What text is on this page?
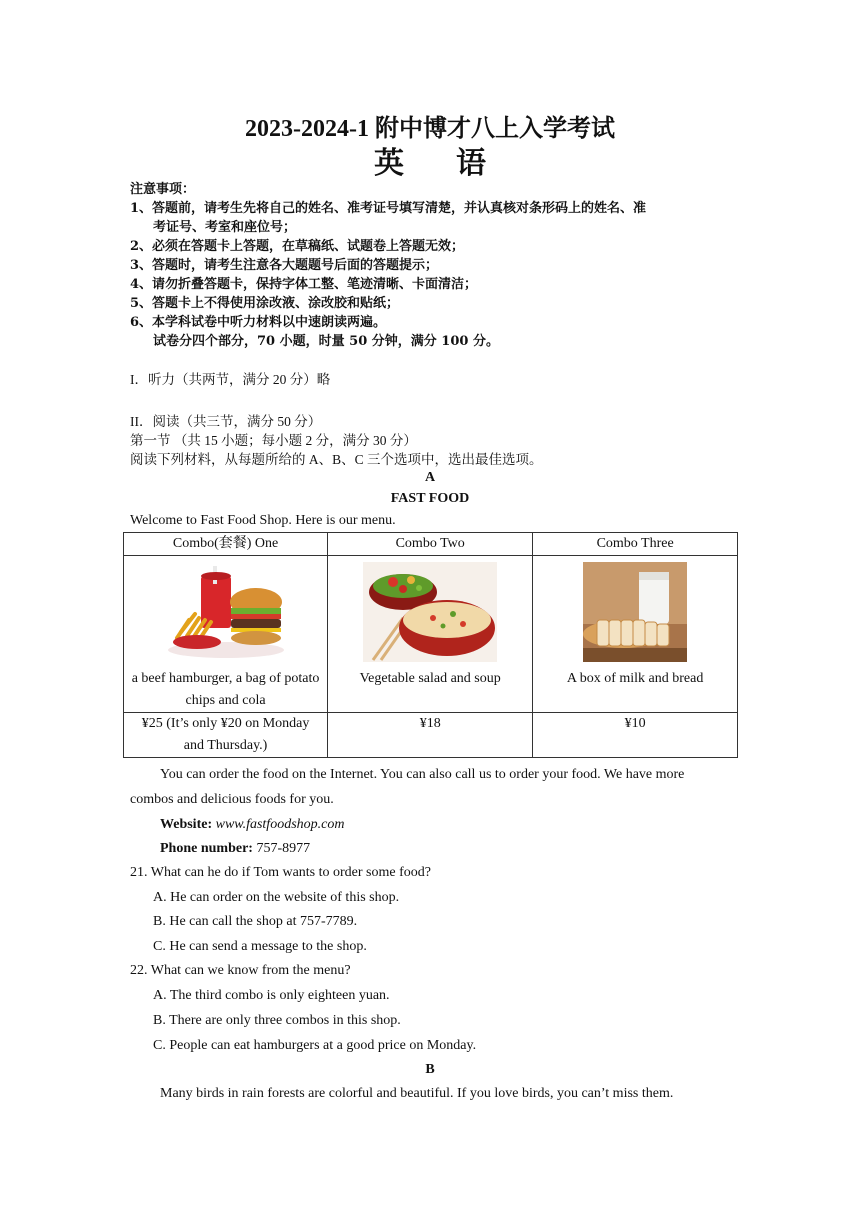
2023-2024-1 附中博才八上入学考试
英语
注意事项：
1、答题前，请考生先将自己的姓名、准考证号填写清楚，并认真核对条形码上的姓名、准
考证号、考室和座位号；
2、必须在答题卡上答题，在草稿纸、试题卷上答题无效；
3、答题时，请考生注意各大题题号后面的答题提示；
4、请勿折叠答题卡，保持字体工整、笔迹清晰、卡面清洁；
5、答题卡上不得使用涂改液、涂改胶和贴纸；
6、本学科试卷中听力材料以中速朗读两遍。
试卷分四个部分，70 小题，时量 50 分钟，满分 100 分。
I．听力（共两节，满分 20 分）略
II．阅读（共三节，满分 50 分）
第一节 （共 15 小题；每小题 2 分，满分 30 分）
阅读下列材料，从每题所给的 A、B、C 三个选项中，选出最佳选项。
A
FAST FOOD
Welcome to Fast Food Shop. Here is our menu.
Combo(套餐) One	Combo Two	Combo Three

a beef hamburger, a bag of potato chips and cola	Vegetable salad and soup	A box of milk and bread

¥25 (It’s only ¥20 on Monday and Thursday.)	¥18	¥10
You can order the food on the Internet. You can also call us to order your food. We have more
combos and delicious foods for you.
Website: www.fastfoodshop.com
Phone number: 757-8977
21. What can he do if Tom wants to order some food?
A. He can order on the website of this shop.
B. He can call the shop at 757-7789.
C. He can send a message to the shop.
22. What can we know from the menu?
A. The third combo is only eighteen yuan.
B. There are only three combos in this shop.
C. People can eat hamburgers at a good price on Monday.
B
Many birds in rain forests are colorful and beautiful. If you love birds, you can’t miss them.
